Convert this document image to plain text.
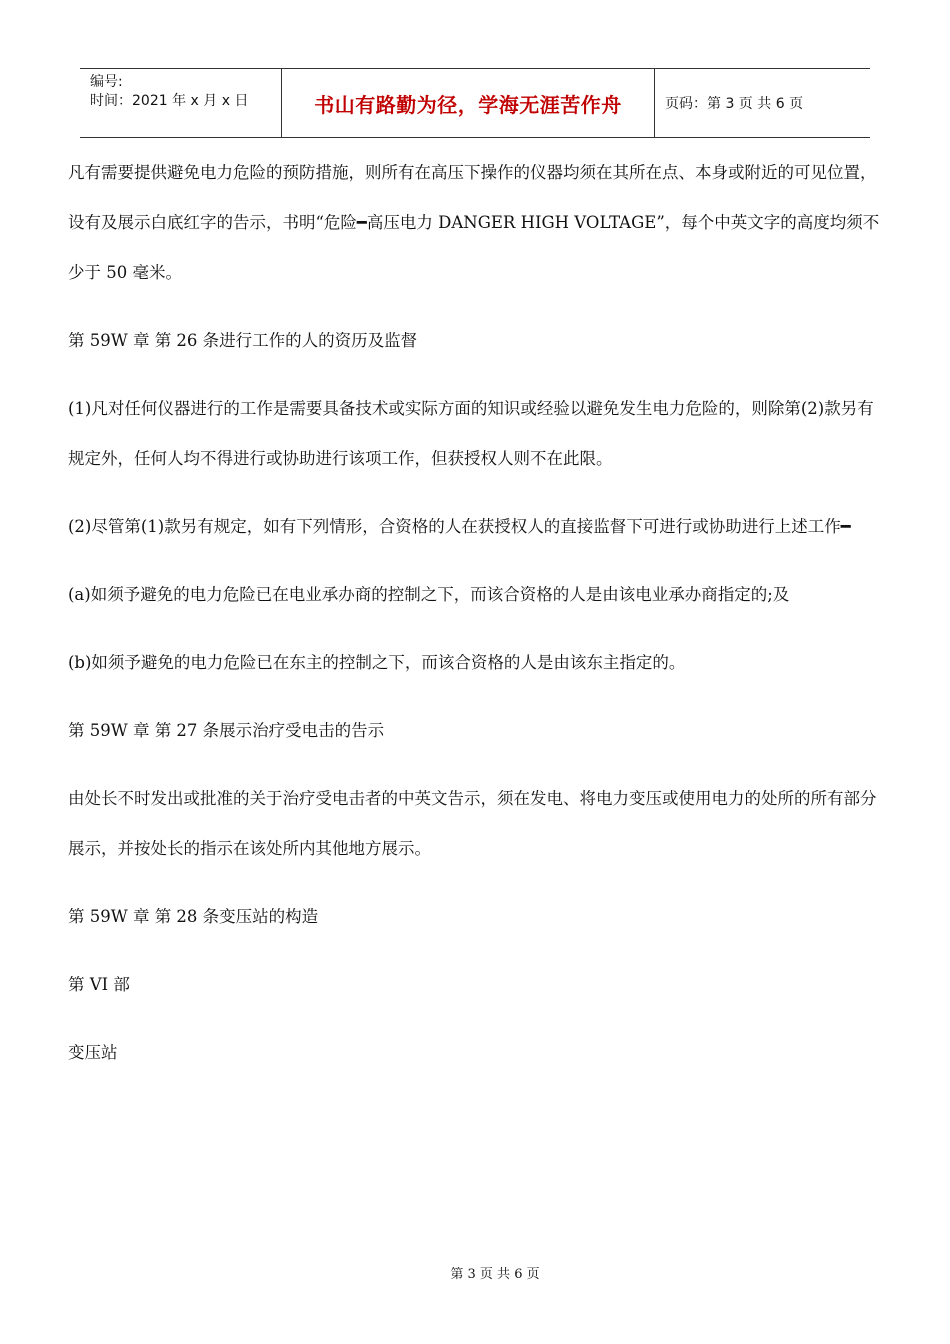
编号:
时间：2021 年 x 月 x 日	书山有路勤为径，学海无涯苦作舟	页码：第 3 页 共 6 页

凡有需要提供避免电力危险的预防措施，则所有在高压下操作的仪器均须在其所在点、本身或附近的可见位置，设有及展示白底红字的告示，书明“危险━高压电力 DANGER HIGH VOLTAGE”，每个中英文字的高度均须不少于 50 毫米。

第 59W 章 第 26 条进行工作的人的资历及监督

(1)凡对任何仪器进行的工作是需要具备技术或实际方面的知识或经验以避免发生电力危险的，则除第(2)款另有规定外，任何人均不得进行或协助进行该项工作，但获授权人则不在此限。

(2)尽管第(1)款另有规定，如有下列情形，合资格的人在获授权人的直接监督下可进行或协助进行上述工作━

(a)如须予避免的电力危险已在电业承办商的控制之下，而该合资格的人是由该电业承办商指定的;及

(b)如须予避免的电力危险已在东主的控制之下，而该合资格的人是由该东主指定的。

第 59W 章 第 27 条展示治疗受电击的告示

由处长不时发出或批准的关于治疗受电击者的中英文告示，须在发电、将电力变压或使用电力的处所的所有部分展示，并按处长的指示在该处所内其他地方展示。

第 59W 章 第 28 条变压站的构造

第 VI 部

变压站

第 3 页 共 6 页
